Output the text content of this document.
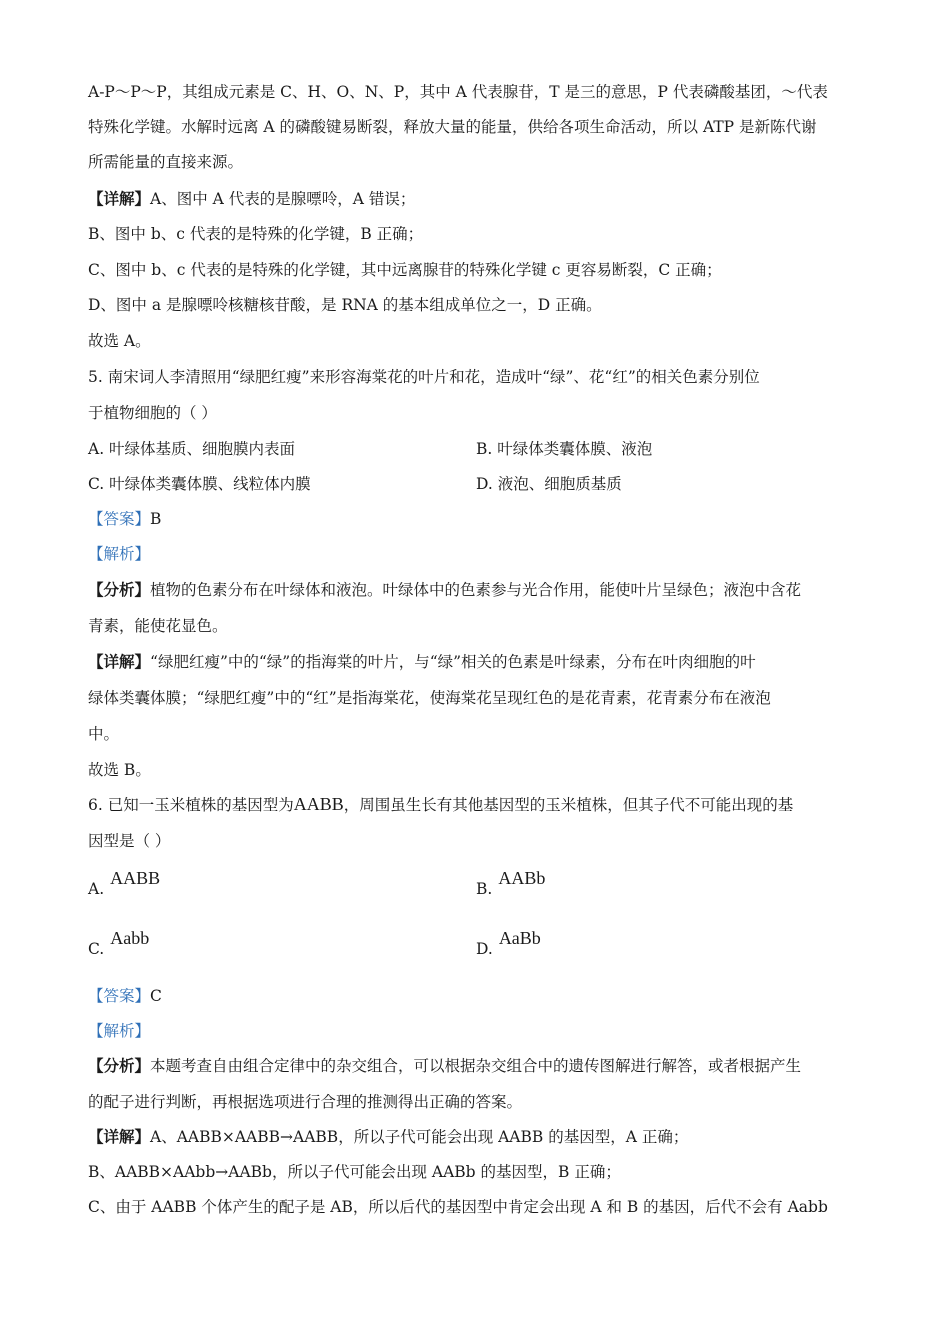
A-P～P～P，其组成元素是 C、H、O、N、P，其中 A 代表腺苷，T 是三的意思，P 代表磷酸基团，～代表
特殊化学键。水解时远离 A 的磷酸键易断裂，释放大量的能量，供给各项生命活动，所以 ATP 是新陈代谢
所需能量的直接来源。
【详解】A、图中 A 代表的是腺嘌呤，A 错误；
B、图中 b、c 代表的是特殊的化学键，B 正确；
C、图中 b、c 代表的是特殊的化学键，其中远离腺苷的特殊化学键 c 更容易断裂，C 正确；
D、图中 a 是腺嘌呤核糖核苷酸，是 RNA 的基本组成单位之一，D 正确。
故选 A。
5. 南宋词人李清照用“绿肥红瘦”来形容海棠花的叶片和花，造成叶“绿”、花“红”的相关色素分别位
于植物细胞的（ ）
A. 叶绿体基质、细胞膜内表面	B. 叶绿体类囊体膜、液泡
C. 叶绿体类囊体膜、线粒体内膜	D. 液泡、细胞质基质
【答案】B
【解析】
【分析】植物的色素分布在叶绿体和液泡。叶绿体中的色素参与光合作用，能使叶片呈绿色；液泡中含花
青素，能使花显色。
【详解】“绿肥红瘦”中的“绿”的指海棠的叶片，与“绿”相关的色素是叶绿素，分布在叶肉细胞的叶
绿体类囊体膜；“绿肥红瘦”中的“红”是指海棠花，使海棠花呈现红色的是花青素，花青素分布在液泡
中。
故选 B。
6. 已知一玉米植株的基因型为AABB，周围虽生长有其他基因型的玉米植株，但其子代不可能出现的基
因型是（ ）
A.AABB
B.AABb
C.Aabb
D.AaBb
【答案】C
【解析】
【分析】本题考查自由组合定律中的杂交组合，可以根据杂交组合中的遗传图解进行解答，或者根据产生
的配子进行判断，再根据选项进行合理的推测得出正确的答案。
【详解】A、AABB×AABB→AABB，所以子代可能会出现 AABB 的基因型，A 正确；
B、AABB×AAbb→AABb，所以子代可能会出现 AABb 的基因型，B 正确；
C、由于 AABB 个体产生的配子是 AB，所以后代的基因型中肯定会出现 A 和 B 的基因，后代不会有 Aabb
